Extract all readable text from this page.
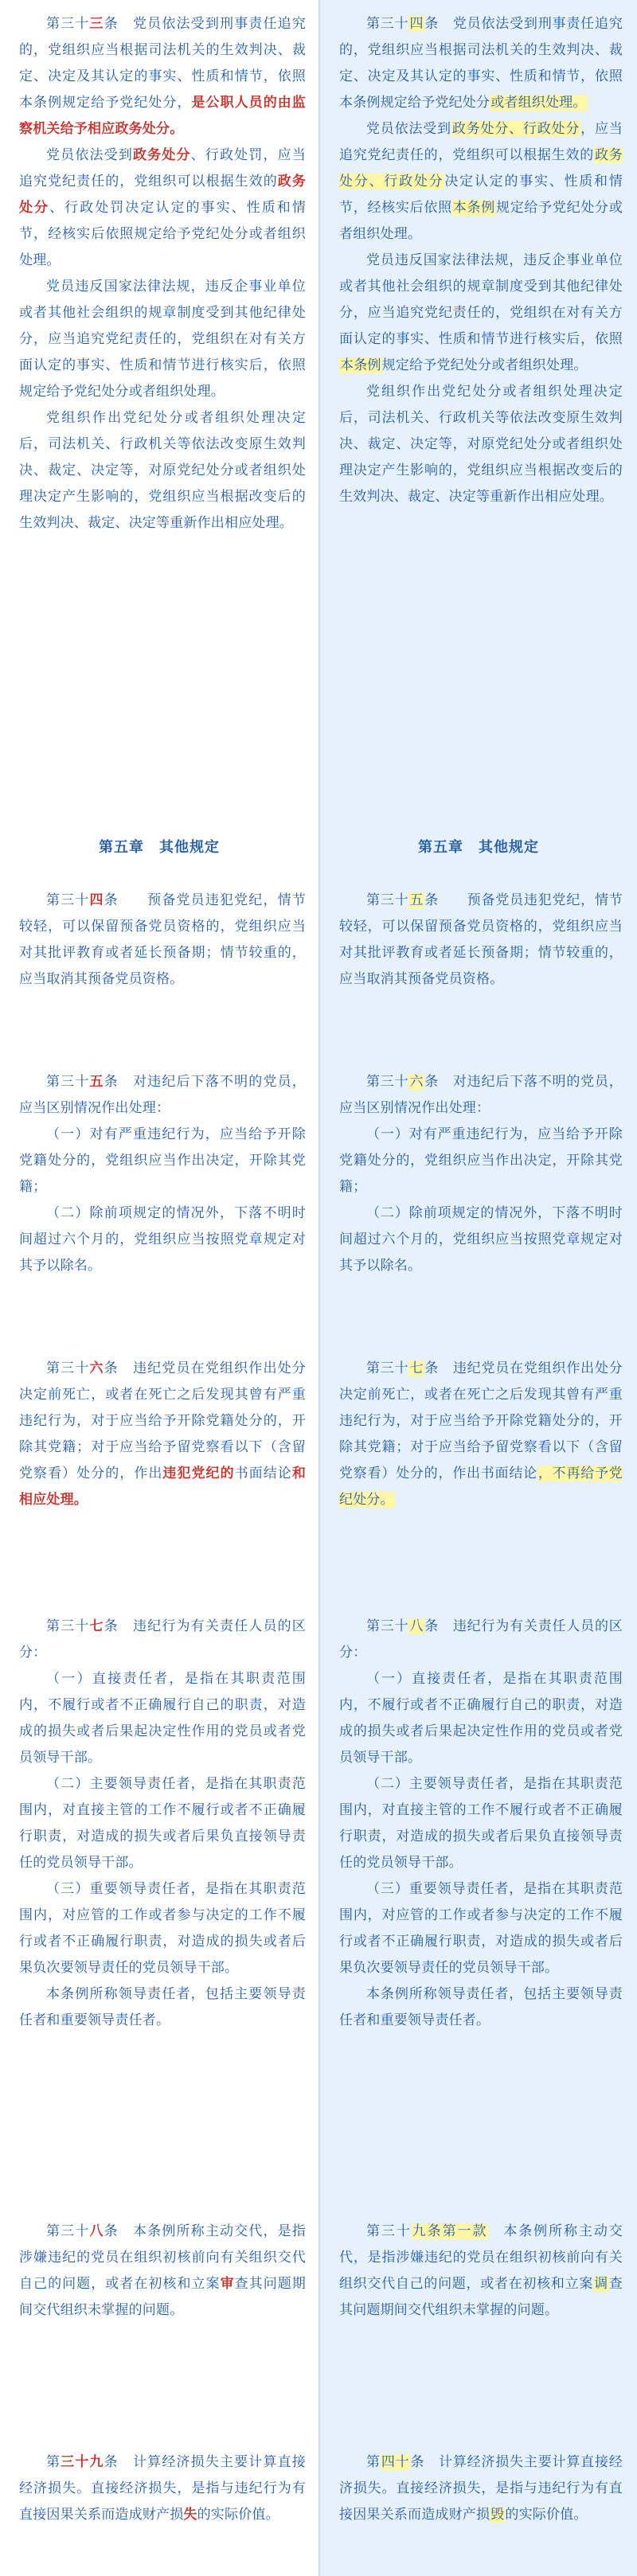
第三十三条　党员依法受到刑事责任追究的，党组织应当根据司法机关的生效判决、裁定、决定及其认定的事实、性质和情节，依照本条例规定给予党纪处分，是公职人员的由监察机关给予相应政务处分。

党员依法受到政务处分、行政处罚，应当追究党纪责任的，党组织可以根据生效的政务处分、行政处罚决定认定的事实、性质和情节，经核实后依照规定给予党纪处分或者组织处理。

党员违反国家法律法规，违反企事业单位或者其他社会组织的规章制度受到其他纪律处分，应当追究党纪责任的，党组织在对有关方面认定的事实、性质和情节进行核实后，依照规定给予党纪处分或者组织处理。

党组织作出党纪处分或者组织处理决定后，司法机关、行政机关等依法改变原生效判决、裁定、决定等，对原党纪处分或者组织处理决定产生影响的，党组织应当根据改变后的生效判决、裁定、决定等重新作出相应处理。

第五章　其他规定

第三十四条　　预备党员违犯党纪，情节较轻，可以保留预备党员资格的，党组织应当对其批评教育或者延长预备期；情节较重的，应当取消其预备党员资格。

第三十五条　对违纪后下落不明的党员，应当区别情况作出处理：

（一）对有严重违纪行为，应当给予开除党籍处分的，党组织应当作出决定，开除其党籍；

（二）除前项规定的情况外，下落不明时间超过六个月的，党组织应当按照党章规定对其予以除名。

第三十六条　违纪党员在党组织作出处分决定前死亡，或者在死亡之后发现其曾有严重违纪行为，对于应当给予开除党籍处分的，开除其党籍；对于应当给予留党察看以下（含留党察看）处分的，作出违犯党纪的书面结论和相应处理。

第三十七条　违纪行为有关责任人员的区分：

（一）直接责任者，是指在其职责范围内，不履行或者不正确履行自己的职责，对造成的损失或者后果起决定性作用的党员或者党员领导干部。

（二）主要领导责任者，是指在其职责范围内，对直接主管的工作不履行或者不正确履行职责，对造成的损失或者后果负直接领导责任的党员领导干部。

（三）重要领导责任者，是指在其职责范围内，对应管的工作或者参与决定的工作不履行或者不正确履行职责，对造成的损失或者后果负次要领导责任的党员领导干部。

本条例所称领导责任者，包括主要领导责任者和重要领导责任者。

第三十八条　本条例所称主动交代，是指涉嫌违纪的党员在组织初核前向有关组织交代自己的问题，或者在初核和立案审查其问题期间交代组织未掌握的问题。

第三十九条　计算经济损失主要计算直接经济损失。直接经济损失，是指与违纪行为有直接因果关系而造成财产损失的实际价值。

第三十四条　党员依法受到刑事责任追究的，党组织应当根据司法机关的生效判决、裁定、决定及其认定的事实、性质和情节，依照本条例规定给予党纪处分或者组织处理。

党员依法受到政务处分、行政处分，应当追究党纪责任的，党组织可以根据生效的政务处分、行政处分决定认定的事实、性质和情节，经核实后依照本条例规定给予党纪处分或者组织处理。

党员违反国家法律法规，违反企事业单位或者其他社会组织的规章制度受到其他纪律处分，应当追究党纪责任的，党组织在对有关方面认定的事实、性质和情节进行核实后，依照本条例规定给予党纪处分或者组织处理。

党组织作出党纪处分或者组织处理决定后，司法机关、行政机关等依法改变原生效判决、裁定、决定等，对原党纪处分或者组织处理决定产生影响的，党组织应当根据改变后的生效判决、裁定、决定等重新作出相应处理。

第五章　其他规定

第三十五条　　预备党员违犯党纪，情节较轻，可以保留预备党员资格的，党组织应当对其批评教育或者延长预备期；情节较重的，应当取消其预备党员资格。

第三十六条　对违纪后下落不明的党员，应当区别情况作出处理：

（一）对有严重违纪行为，应当给予开除党籍处分的，党组织应当作出决定，开除其党籍；

（二）除前项规定的情况外，下落不明时间超过六个月的，党组织应当按照党章规定对其予以除名。

第三十七条　违纪党员在党组织作出处分决定前死亡，或者在死亡之后发现其曾有严重违纪行为，对于应当给予开除党籍处分的，开除其党籍；对于应当给予留党察看以下（含留党察看）处分的，作出书面结论，不再给予党纪处分。

第三十八条　违纪行为有关责任人员的区分：

（一）直接责任者，是指在其职责范围内，不履行或者不正确履行自己的职责，对造成的损失或者后果起决定性作用的党员或者党员领导干部。

（二）主要领导责任者，是指在其职责范围内，对直接主管的工作不履行或者不正确履行职责，对造成的损失或者后果负直接领导责任的党员领导干部。

（三）重要领导责任者，是指在其职责范围内，对应管的工作或者参与决定的工作不履行或者不正确履行职责，对造成的损失或者后果负次要领导责任的党员领导干部。

本条例所称领导责任者，包括主要领导责任者和重要领导责任者。

第三十九条第一款　本条例所称主动交代，是指涉嫌违纪的党员在组织初核前向有关组织交代自己的问题，或者在初核和立案调查其问题期间交代组织未掌握的问题。

第四十条　计算经济损失主要计算直接经济损失。直接经济损失，是指与违纪行为有直接因果关系而造成财产损毁的实际价值。
